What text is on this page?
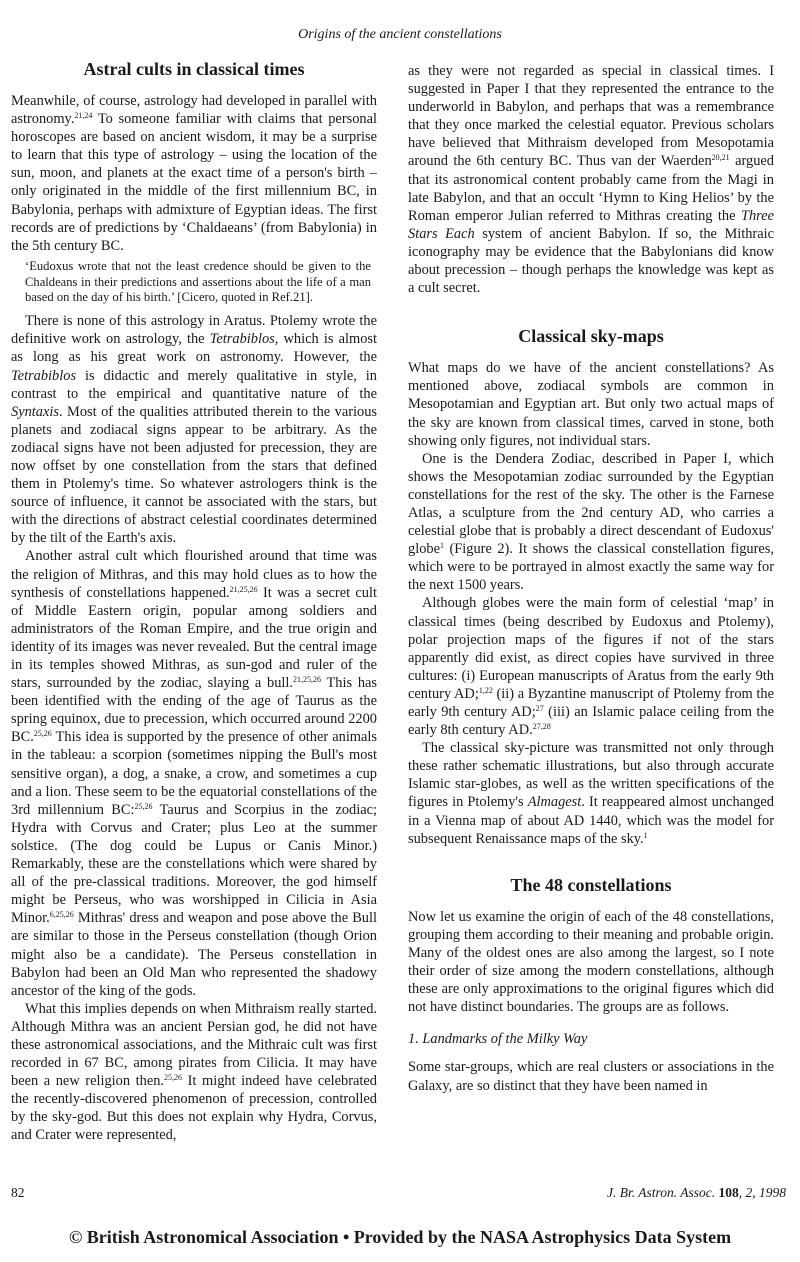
Origins of the ancient constellations
Astral cults in classical times

Meanwhile, of course, astrology had developed in parallel with astronomy.$^{21,24}$ To someone familiar with claims that personal horoscopes are based on ancient wisdom, it may be a surprise to learn that this type of astrology – using the location of the sun, moon, and planets at the exact time of a person's birth – only originated in the middle of the first millennium BC, in Babylonia, perhaps with admixture of Egyptian ideas. The first records are of predictions by ‘Chaldaeans’ (from Babylonia) in the 5th century BC.

‘Eudoxus wrote that not the least credence should be given to the Chaldeans in their predictions and assertions about the life of a man based on the day of his birth.’ [Cicero, quoted in Ref.21].

There is none of this astrology in Aratus. Ptolemy wrote the definitive work on astrology, the Tetrabiblos, which is almost as long as his great work on astronomy. However, the Tetrabiblos is didactic and merely qualitative in style, in contrast to the empirical and quantitative nature of the Syntaxis. Most of the qualities attributed therein to the various planets and zodiacal signs appear to be arbitrary. As the zodiacal signs have not been adjusted for precession, they are now offset by one constellation from the stars that defined them in Ptolemy's time. So whatever astrologers think is the source of influence, it cannot be associated with the stars, but with the directions of abstract celestial coordinates determined by the tilt of the Earth's axis.

Another astral cult which flourished around that time was the religion of Mithras, and this may hold clues as to how the synthesis of constellations happened.$^{21,25,26}$ It was a secret cult of Middle Eastern origin, popular among soldiers and administrators of the Roman Empire, and the true origin and identity of its images was never revealed. But the central image in its temples showed Mithras, as sun-god and ruler of the stars, surrounded by the zodiac, slaying a bull.$^{21,25,26}$ This has been identified with the ending of the age of Taurus as the spring equinox, due to precession, which occurred around 2200 BC.$^{25,26}$ This idea is supported by the presence of other animals in the tableau: a scorpion (sometimes nipping the Bull's most sensitive organ), a dog, a snake, a crow, and sometimes a cup and a lion. These seem to be the equatorial constellations of the 3rd millennium BC:$^{25,26}$ Taurus and Scorpius in the zodiac; Hydra with Corvus and Crater; plus Leo at the summer solstice. (The dog could be Lupus or Canis Minor.) Remarkably, these are the constellations which were shared by all of the pre-classical traditions. Moreover, the god himself might be Perseus, who was worshipped in Cilicia in Asia Minor.$^{6,25,26}$ Mithras' dress and weapon and pose above the Bull are similar to those in the Perseus constellation (though Orion might also be a candidate). The Perseus constellation in Babylon had been an Old Man who represented the shadowy ancestor of the king of the gods.

What this implies depends on when Mithraism really started. Although Mithra was an ancient Persian god, he did not have these astronomical associations, and the Mithraic cult was first recorded in 67 BC, among pirates from Cilicia. It may have been a new religion then.$^{25,26}$ It might indeed have celebrated the recently-discovered phenomenon of precession, controlled by the sky-god. But this does not explain why Hydra, Corvus, and Crater were represented,

as they were not regarded as special in classical times. I suggested in Paper I that they represented the entrance to the underworld in Babylon, and perhaps that was a remembrance that they once marked the celestial equator. Previous scholars have believed that Mithraism developed from Mesopotamia around the 6th century BC. Thus van der Waerden$^{20,21}$ argued that its astronomical content probably came from the Magi in late Babylon, and that an occult ‘Hymn to King Helios’ by the Roman emperor Julian referred to Mithras creating the Three Stars Each system of ancient Babylon. If so, the Mithraic iconography may be evidence that the Babylonians did know about precession – though perhaps the knowledge was kept as a cult secret.

Classical sky-maps

What maps do we have of the ancient constellations? As mentioned above, zodiacal symbols are common in Mesopotamian and Egyptian art. But only two actual maps of the sky are known from classical times, carved in stone, both showing only figures, not individual stars.

One is the Dendera Zodiac, described in Paper I, which shows the Mesopotamian zodiac surrounded by the Egyptian constellations for the rest of the sky. The other is the Farnese Atlas, a sculpture from the 2nd century AD, who carries a celestial globe that is probably a direct descendant of Eudoxus' globe$^1$ (Figure 2). It shows the classical constellation figures, which were to be portrayed in almost exactly the same way for the next 1500 years.

Although globes were the main form of celestial ‘map’ in classical times (being described by Eudoxus and Ptolemy), polar projection maps of the figures if not of the stars apparently did exist, as direct copies have survived in three cultures: (i) European manuscripts of Aratus from the early 9th century AD;$^{1,22}$ (ii) a Byzantine manuscript of Ptolemy from the early 9th century AD;$^{27}$ (iii) an Islamic palace ceiling from the early 8th century AD.$^{27,28}$

The classical sky-picture was transmitted not only through these rather schematic illustrations, but also through accurate Islamic star-globes, as well as the written specifications of the figures in Ptolemy's Almagest. It reappeared almost unchanged in a Vienna map of about AD 1440, which was the model for subsequent Renaissance maps of the sky.$^1$

The 48 constellations

Now let us examine the origin of each of the 48 constellations, grouping them according to their meaning and probable origin. Many of the oldest ones are also among the largest, so I note their order of size among the modern constellations, although these are only approximations to the original figures which did not have distinct boundaries. The groups are as follows.

1. Landmarks of the Milky Way

Some star-groups, which are real clusters or associations in the Galaxy, are so distinct that they have been named in

82	J. Br. Astron. Assoc. 108, 2, 1998
© British Astronomical Association • Provided by the NASA Astrophysics Data System
